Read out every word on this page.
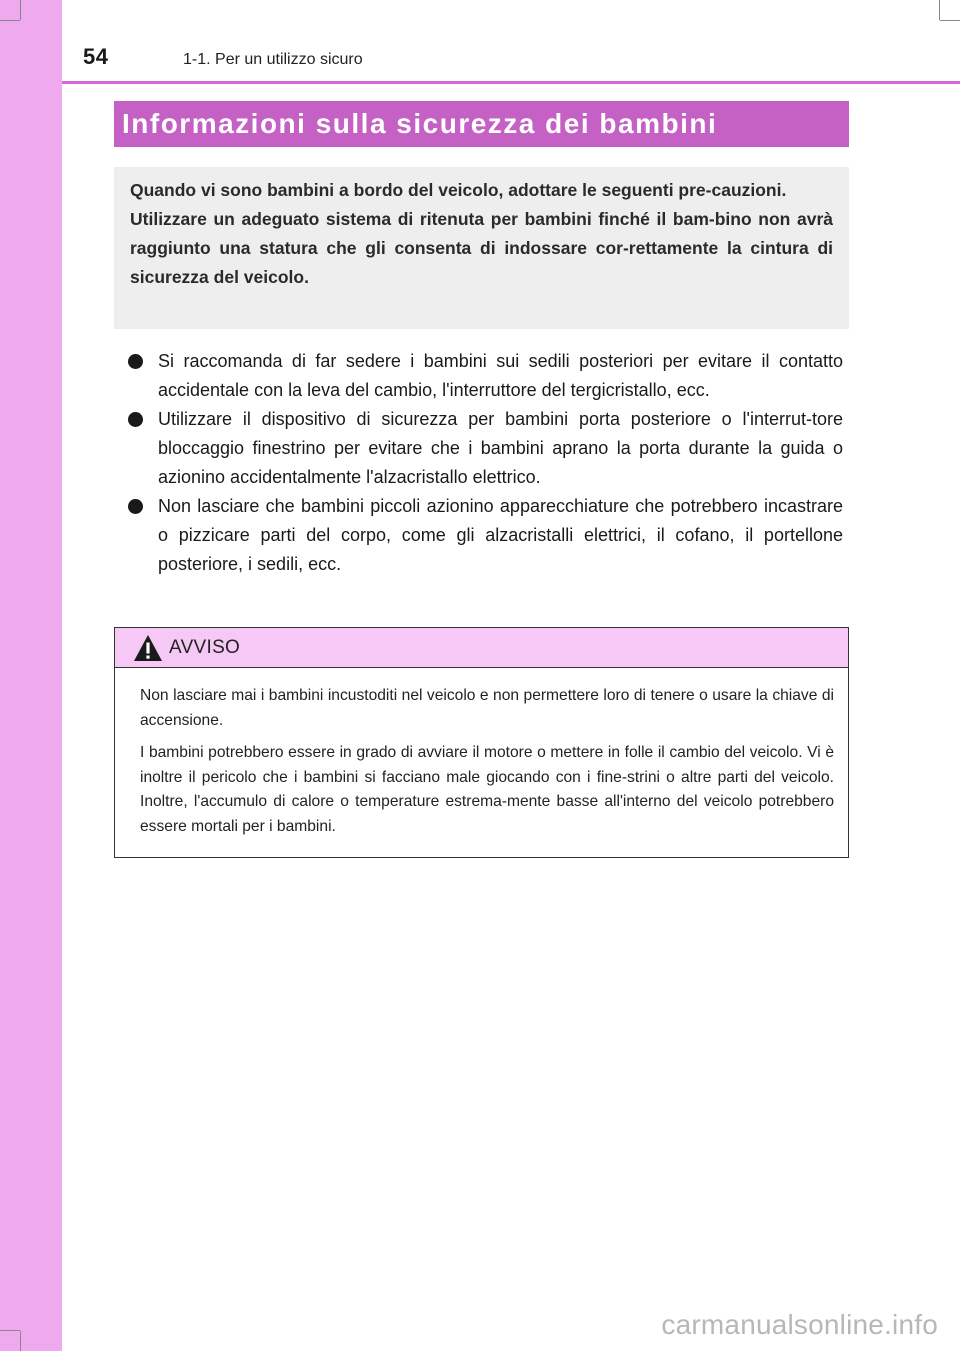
54	1-1. Per un utilizzo sicuro
Informazioni sulla sicurezza dei bambini

Quando vi sono bambini a bordo del veicolo, adottare le seguenti pre-cauzioni.

Utilizzare un adeguato sistema di ritenuta per bambini finché il bam-bino non avrà raggiunto una statura che gli consenta di indossare cor-rettamente la cintura di sicurezza del veicolo.

Si raccomanda di far sedere i bambini sui sedili posteriori per evitare il contatto accidentale con la leva del cambio, l'interruttore del tergicristallo, ecc.
Utilizzare il dispositivo di sicurezza per bambini porta posteriore o l'interrut-tore bloccaggio finestrino per evitare che i bambini aprano la porta durante la guida o azionino accidentalmente l'alzacristallo elettrico.
Non lasciare che bambini piccoli azionino apparecchiature che potrebbero incastrare o pizzicare parti del corpo, come gli alzacristalli elettrici, il cofano, il portellone posteriore, i sedili, ecc.
AVVISO

Non lasciare mai i bambini incustoditi nel veicolo e non permettere loro di tenere o usare la chiave di accensione.

I bambini potrebbero essere in grado di avviare il motore o mettere in folle il cambio del veicolo. Vi è inoltre il pericolo che i bambini si facciano male giocando con i fine-strini o altre parti del veicolo. Inoltre, l'accumulo di calore o temperature estrema-mente basse all'interno del veicolo potrebbero essere mortali per i bambini.

carmanualsonline.info
